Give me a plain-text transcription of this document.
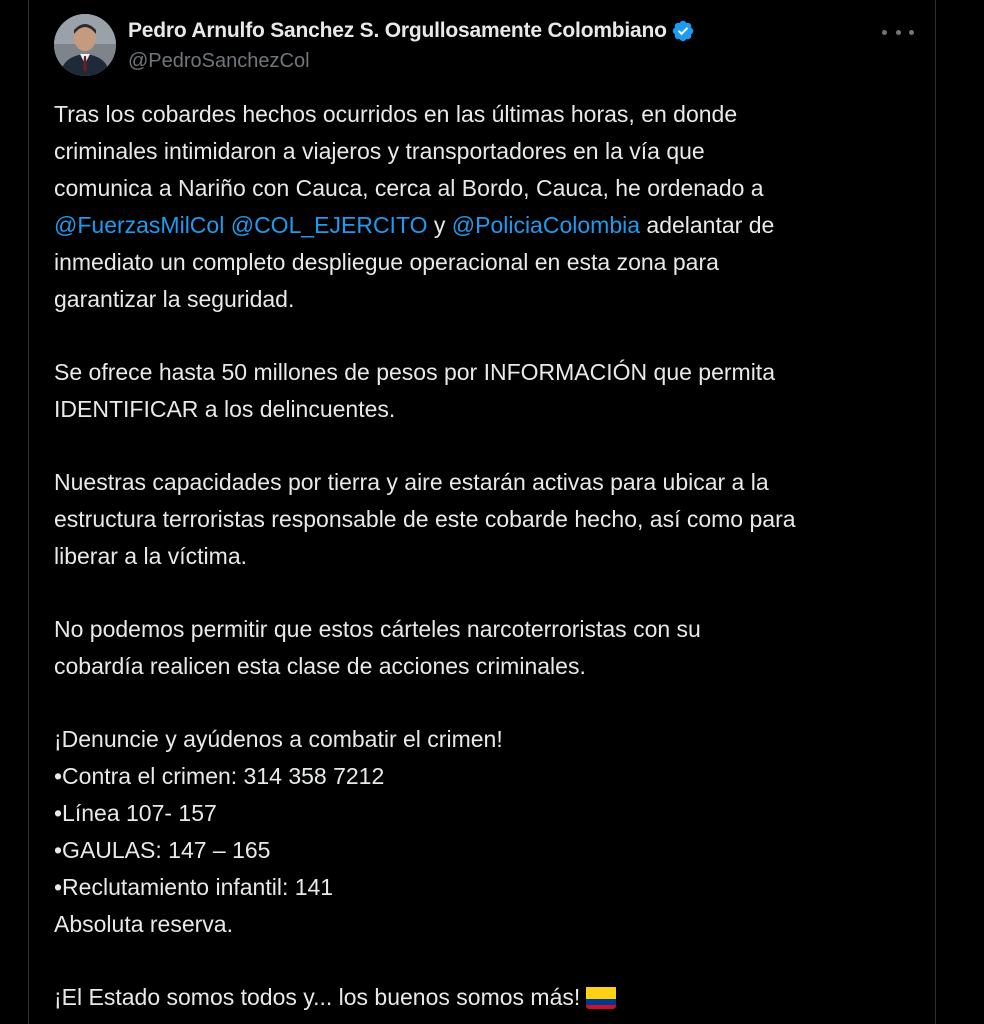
Pedro Arnulfo Sanchez S. Orgullosamente Colombiano
@PedroSanchezCol
Tras los cobardes hechos ocurridos en las últimas horas, en donde
criminales intimidaron a viajeros y transportadores en la vía que
comunica a Nariño con Cauca, cerca al Bordo, Cauca, he ordenado a
@FuerzasMilCol @COL_EJERCITO y @PoliciaColombia adelantar de
inmediato un completo despliegue operacional en esta zona para
garantizar la seguridad.
Se ofrece hasta 50 millones de pesos por INFORMACIÓN que permita
IDENTIFICAR a los delincuentes.
Nuestras capacidades por tierra y aire estarán activas para ubicar a la
estructura terroristas responsable de este cobarde hecho, así como para
liberar a la víctima.
No podemos permitir que estos cárteles narcoterroristas con su
cobardía realicen esta clase de acciones criminales.
¡Denuncie y ayúdenos a combatir el crimen!
•Contra el crimen: 314 358 7212
•Línea 107- 157
•GAULAS: 147 – 165
•Reclutamiento infantil: 141
Absoluta reserva.
¡El Estado somos todos y... los buenos somos más!
